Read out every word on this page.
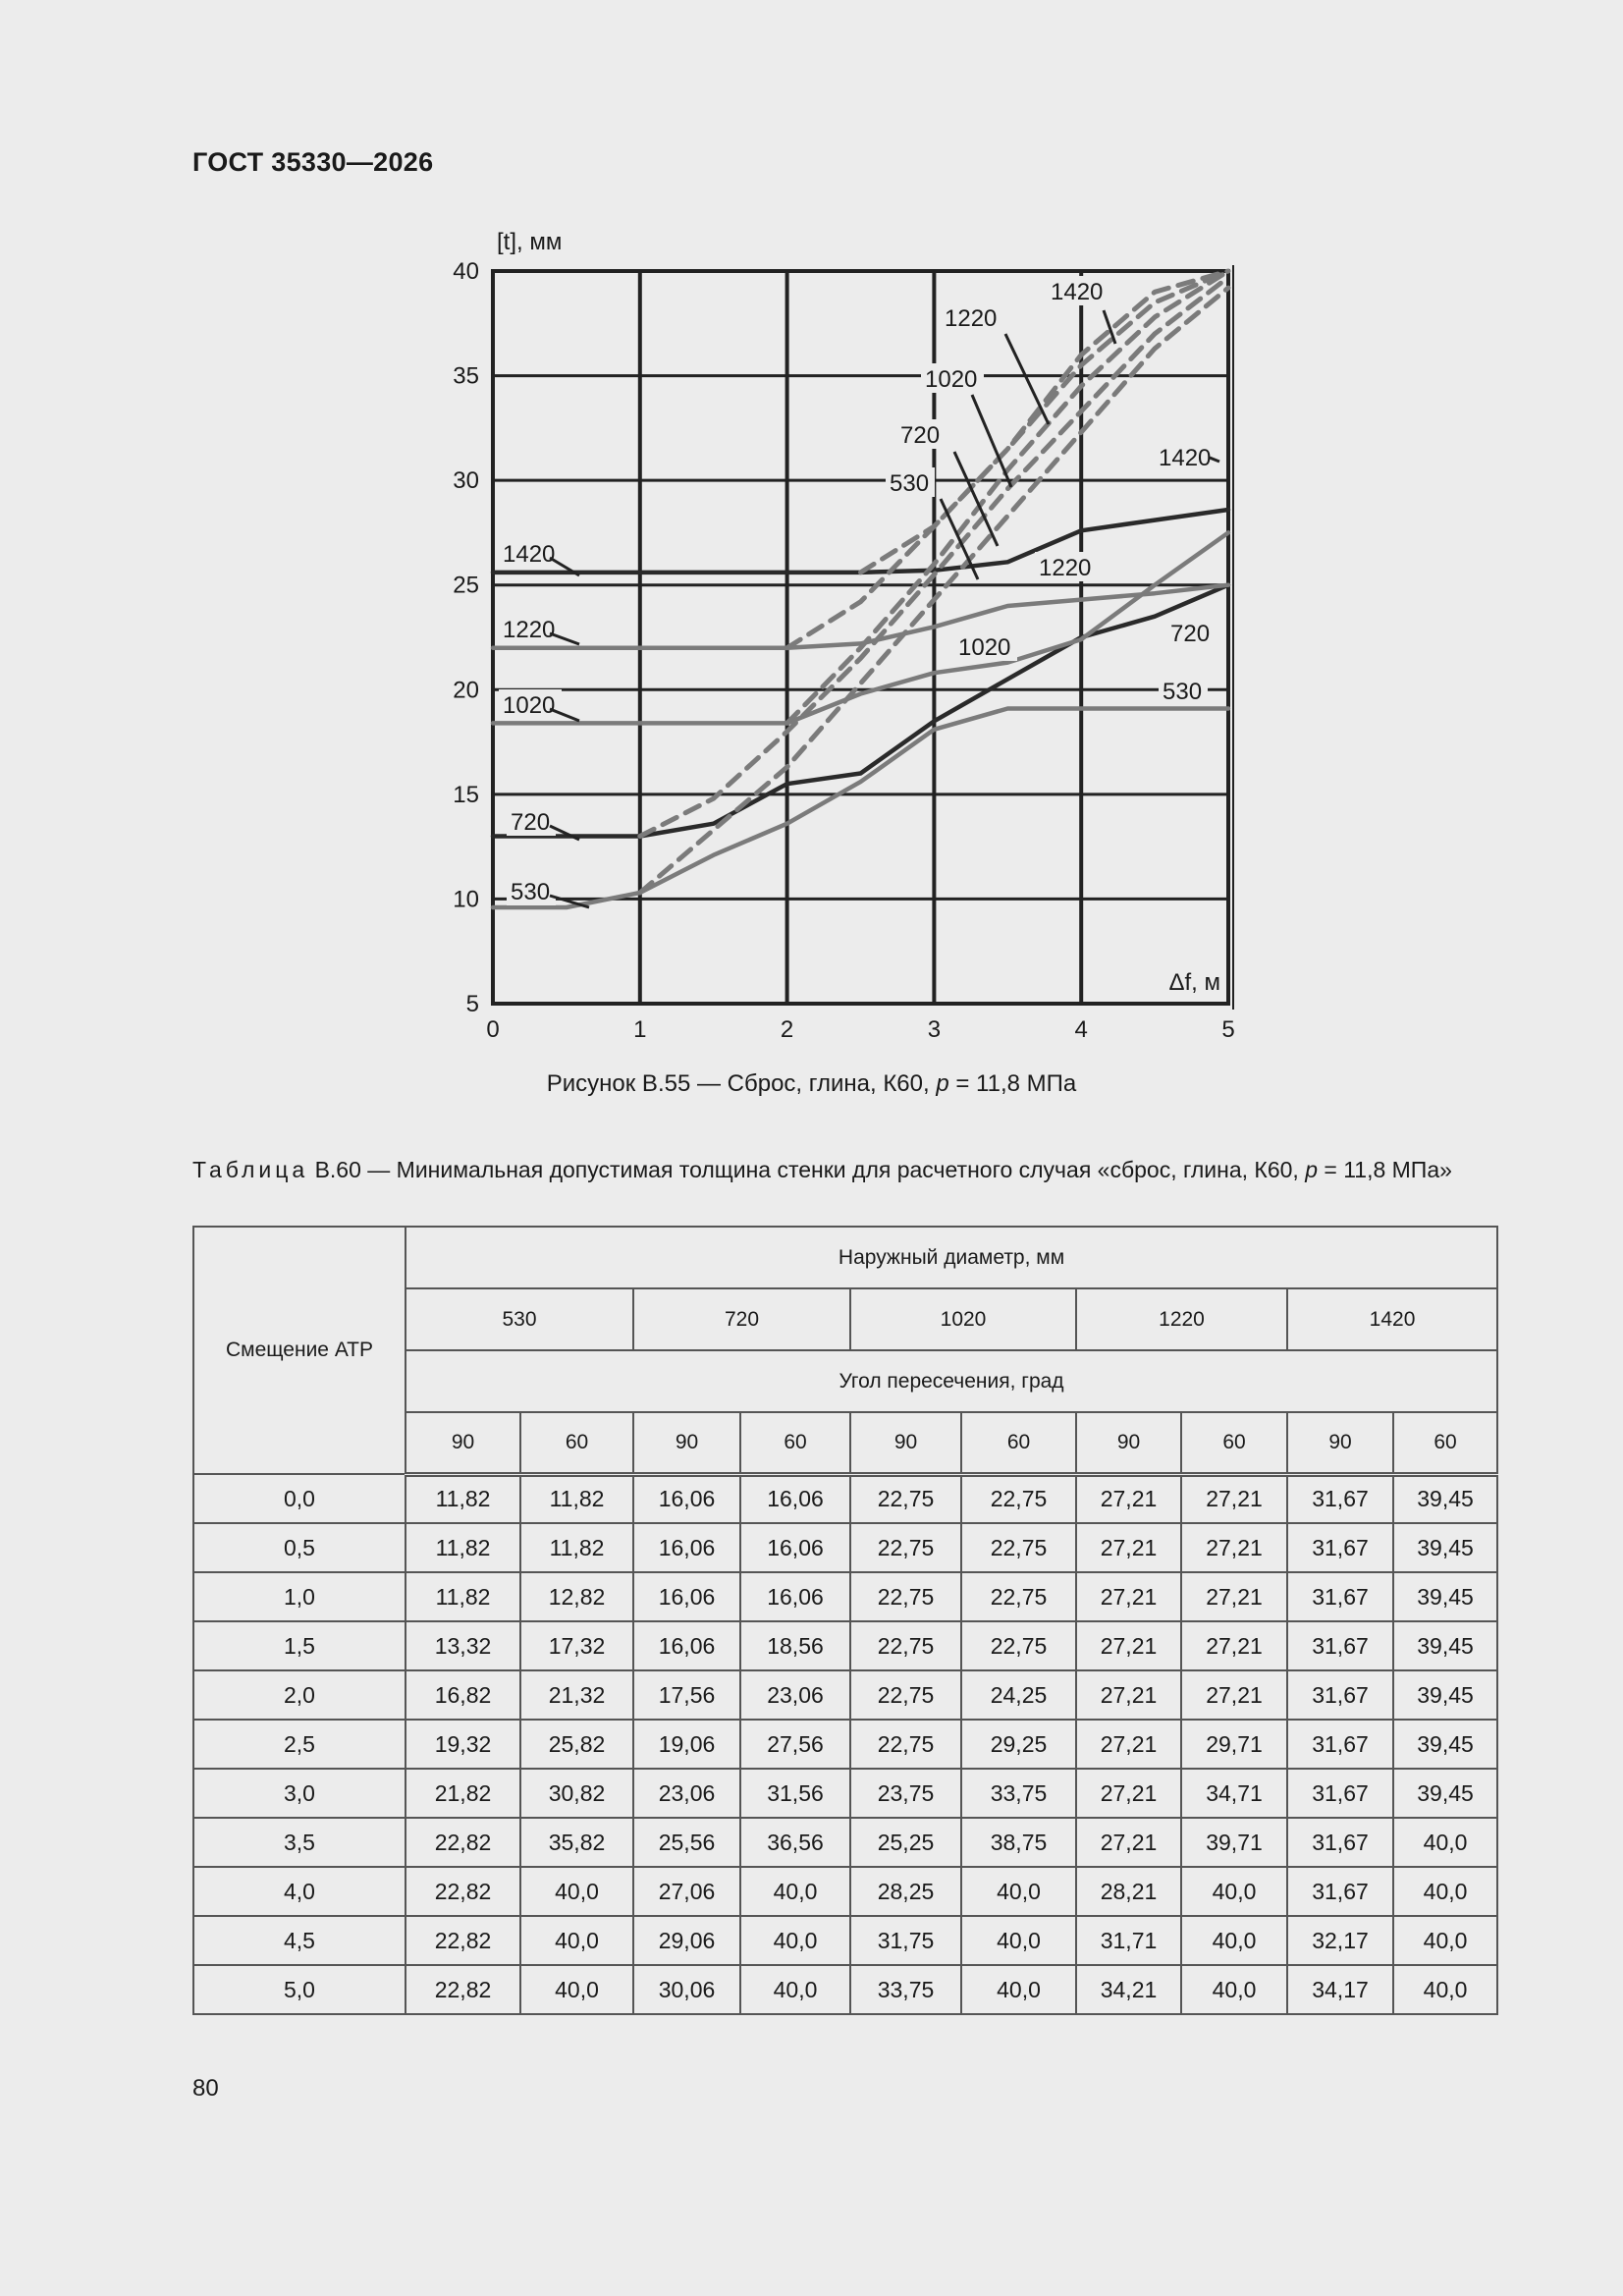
ГОСТ 35330—2026
1420
1220
1020
720
530
1420
1220
1020
720
530
1420
1220
1020
720
530
0	1	2	3	4	5
5
10
15
20
25
30
35
40
[t], мм
Δf, м
Рисунок В.55 — Сброс, глина, К60, p = 11,8 МПа
Таблица В.60 — Минимальная допустимая толщина стенки для расчетного случая «сброс, глина, К60, p = 11,8 МПа»
Смещение АТР	Наружный диаметр, мм									
	530		720		1020		1220		1420	
	Угол пересечения, град									
	90	60	90	60	90	60	90	60	90	60
0,0	11,82	11,82	16,06	16,06	22,75	22,75	27,21	27,21	31,67	39,45
0,5	11,82	11,82	16,06	16,06	22,75	22,75	27,21	27,21	31,67	39,45
1,0	11,82	12,82	16,06	16,06	22,75	22,75	27,21	27,21	31,67	39,45
1,5	13,32	17,32	16,06	18,56	22,75	22,75	27,21	27,21	31,67	39,45
2,0	16,82	21,32	17,56	23,06	22,75	24,25	27,21	27,21	31,67	39,45
2,5	19,32	25,82	19,06	27,56	22,75	29,25	27,21	29,71	31,67	39,45
3,0	21,82	30,82	23,06	31,56	23,75	33,75	27,21	34,71	31,67	39,45
3,5	22,82	35,82	25,56	36,56	25,25	38,75	27,21	39,71	31,67	40,0
4,0	22,82	40,0	27,06	40,0	28,25	40,0	28,21	40,0	31,67	40,0
4,5	22,82	40,0	29,06	40,0	31,75	40,0	31,71	40,0	32,17	40,0
5,0	22,82	40,0	30,06	40,0	33,75	40,0	34,21	40,0	34,17	40,0
80
